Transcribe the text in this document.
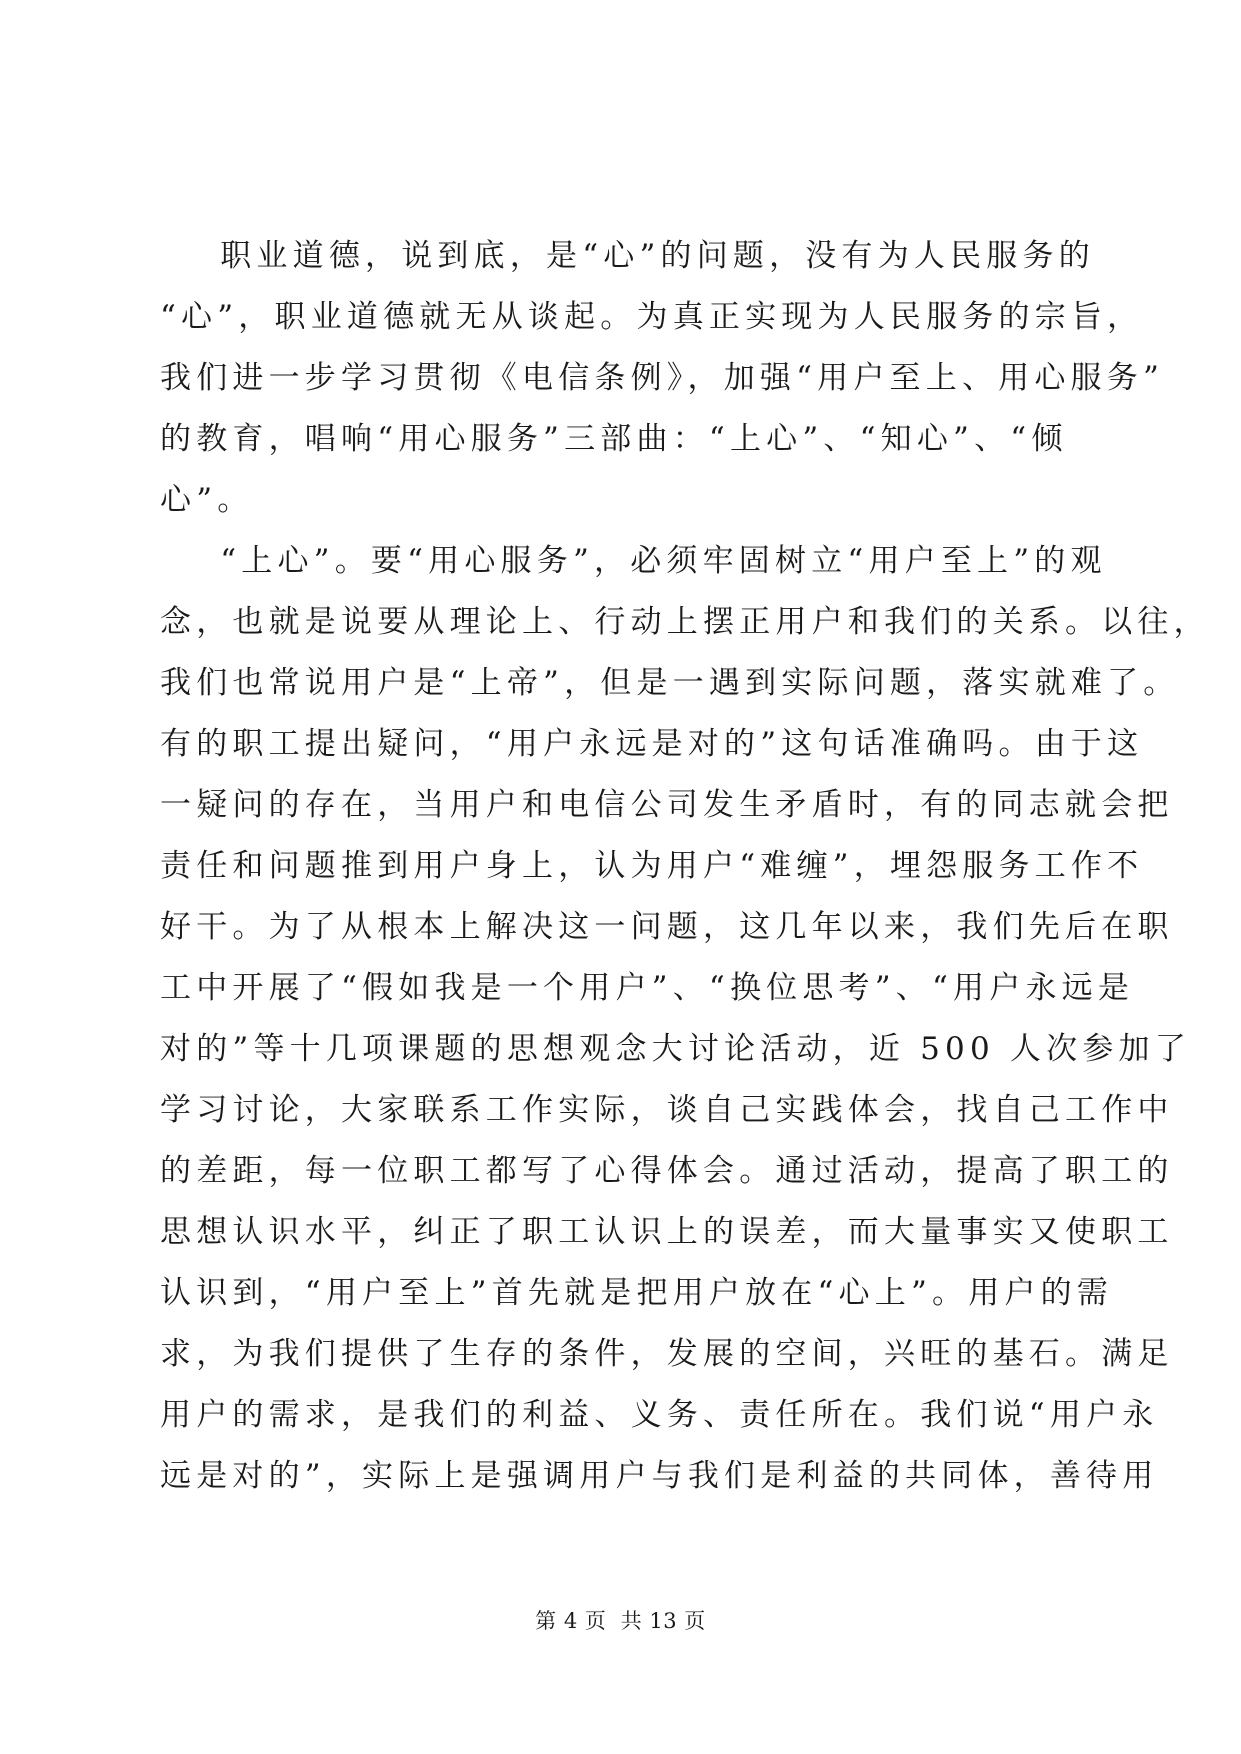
职业道德，说到底，是“心”的问题，没有为人民服务的
“心”，职业道德就无从谈起。为真正实现为人民服务的宗旨，
我们进一步学习贯彻《电信条例》，加强“用户至上、用心服务”
的教育，唱响“用心服务”三部曲：“上心”、“知心”、“倾
心”。
“上心”。要“用心服务”，必须牢固树立“用户至上”的观
念，也就是说要从理论上、行动上摆正用户和我们的关系。以往，
我们也常说用户是“上帝”，但是一遇到实际问题，落实就难了。
有的职工提出疑问，“用户永远是对的”这句话准确吗。由于这
一疑问的存在，当用户和电信公司发生矛盾时，有的同志就会把
责任和问题推到用户身上，认为用户“难缠”，埋怨服务工作不
好干。为了从根本上解决这一问题，这几年以来，我们先后在职
工中开展了“假如我是一个用户”、“换位思考”、“用户永远是
对的”等十几项课题的思想观念大讨论活动，近 500 人次参加了
学习讨论，大家联系工作实际，谈自己实践体会，找自己工作中
的差距，每一位职工都写了心得体会。通过活动，提高了职工的
思想认识水平，纠正了职工认识上的误差，而大量事实又使职工
认识到，“用户至上”首先就是把用户放在“心上”。用户的需
求，为我们提供了生存的条件，发展的空间，兴旺的基石。满足
用户的需求，是我们的利益、义务、责任所在。我们说“用户永
远是对的”，实际上是强调用户与我们是利益的共同体，善待用
第 4 页  共 13 页
